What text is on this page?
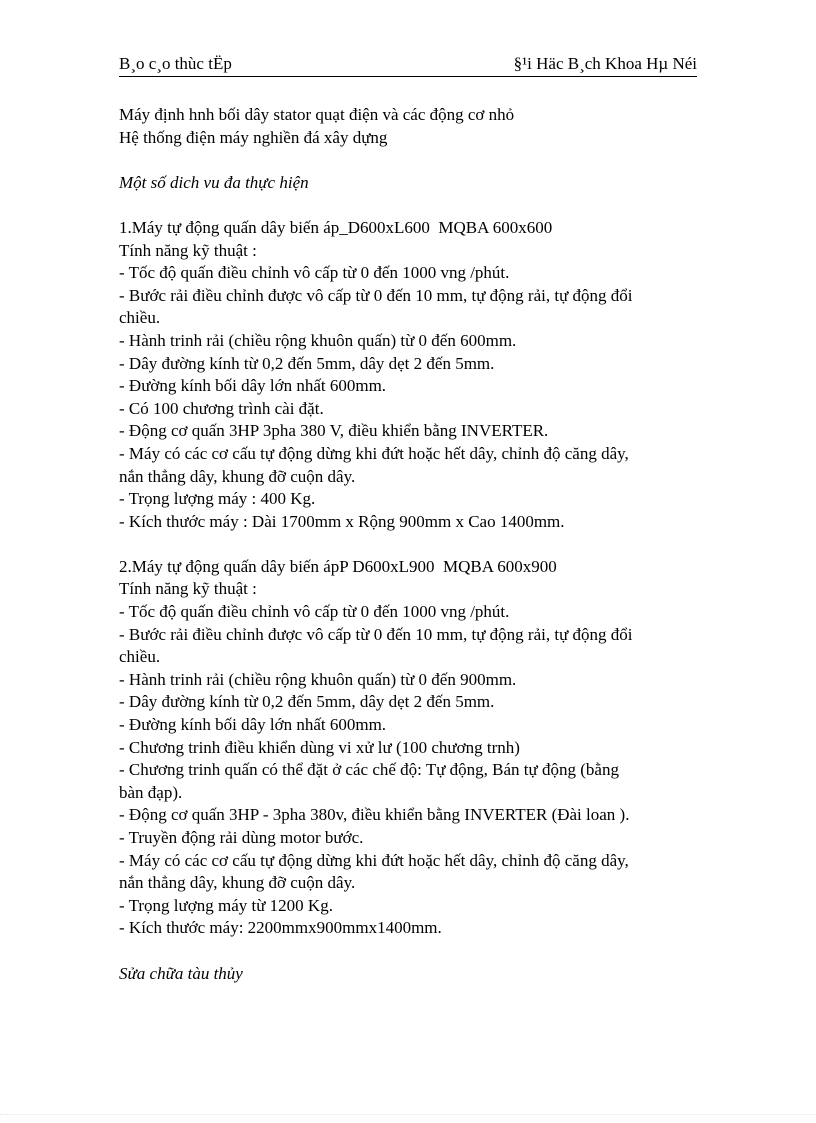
B¸o c¸o thùc tËp	§¹i Häc B¸ch Khoa Hµ Néi
Máy định hnh bối dây stator quạt điện và các động cơ nhỏ
Hệ thống điện máy nghiền đá xây dựng
Một số dich vu đa thực hiện
1.Máy tự động quấn dây biến áp_D600xL600  MQBA 600x600
Tính năng kỹ thuật :
- Tốc độ quấn điều chỉnh vô cấp từ 0 đến 1000 vng /phút.
- Bước rải điều chỉnh được vô cấp từ 0 đến 10 mm, tự động rải, tự động đổi
chiều.
- Hành trinh rải (chiều rộng khuôn quấn) từ 0 đến 600mm.
- Dây đường kính từ 0,2 đến 5mm, dây dẹt 2 đến 5mm.
- Đường kính bối dây lớn nhất 600mm.
- Có 100 chương trình cài đặt.
- Động cơ quấn 3HP 3pha 380 V, điều khiển bằng INVERTER.
- Máy có các cơ cấu tự động dừng khi đứt hoặc hết dây, chỉnh độ căng dây,
nắn thẳng dây, khung đỡ cuộn dây.
- Trọng lượng máy : 400 Kg.
- Kích thước máy : Dài 1700mm x Rộng 900mm x Cao 1400mm.
2.Máy tự động quấn dây biến ápP D600xL900  MQBA 600x900
Tính năng kỹ thuật :
- Tốc độ quấn điều chỉnh vô cấp từ 0 đến 1000 vng /phút.
- Bước rải điều chỉnh được vô cấp từ 0 đến 10 mm, tự động rải, tự động đổi
chiều.
- Hành trinh rải (chiều rộng khuôn quấn) từ 0 đến 900mm.
- Dây đường kính từ 0,2 đến 5mm, dây dẹt 2 đến 5mm.
- Đường kính bối dây lớn nhất 600mm.
- Chương trinh điều khiển dùng vi xử lư (100 chương trnh)
- Chương trinh quấn có thể đặt ở các chế độ: Tự động, Bán tự động (bằng
bàn đạp).
- Động cơ quấn 3HP - 3pha 380v, điều khiển bằng INVERTER (Đài loan ).
- Truyền động rải dùng motor bước.
- Máy có các cơ cấu tự động dừng khi đứt hoặc hết dây, chỉnh độ căng dây,
nắn thẳng dây, khung đỡ cuộn dây.
- Trọng lượng máy từ 1200 Kg.
- Kích thước máy: 2200mmx900mmx1400mm.
Sửa chữa tàu thủy
